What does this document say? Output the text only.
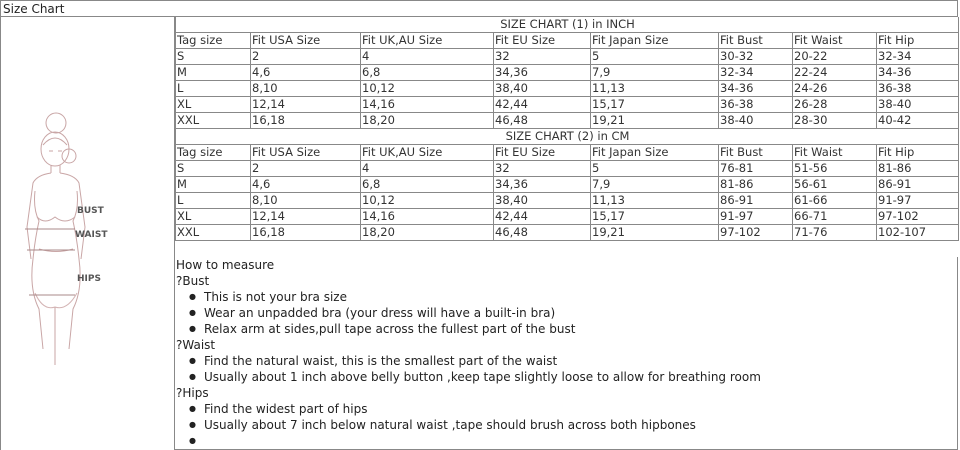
Size Chart
BUST
WAIST
HIPS
SIZE CHART (1) in INCH							
Tag size	Fit USA Size	Fit UK,AU Size	Fit EU Size	Fit Japan Size	Fit Bust	Fit Waist	Fit Hip
S	2	4	32	5	30-32	20-22	32-34
M	4,6	6,8	34,36	7,9	32-34	22-24	34-36
L	8,10	10,12	38,40	11,13	34-36	24-26	36-38
XL	12,14	14,16	42,44	15,17	36-38	26-28	38-40
XXL	16,18	18,20	46,48	19,21	38-40	28-30	40-42
SIZE CHART (2) in CM							
Tag size	Fit USA Size	Fit UK,AU Size	Fit EU Size	Fit Japan Size	Fit Bust	Fit Waist	Fit Hip
S	2	4	32	5	76-81	51-56	81-86
M	4,6	6,8	34,36	7,9	81-86	56-61	86-91
L	8,10	10,12	38,40	11,13	86-91	61-66	91-97
XL	12,14	14,16	42,44	15,17	91-97	66-71	97-102
XXL	16,18	18,20	46,48	19,21	97-102	71-76	102-107
How to measure
?Bust
● This is not your bra size
● Wear an unpadded bra (your dress will have a built-in bra)
● Relax arm at sides,pull tape across the fullest part of the bust
?Waist
● Find the natural waist, this is the smallest part of the waist
● Usually about 1 inch above belly button ,keep tape slightly loose to allow for breathing room
?Hips
● Find the widest part of hips
● Usually about 7 inch below natural waist ,tape should brush across both hipbones
●
